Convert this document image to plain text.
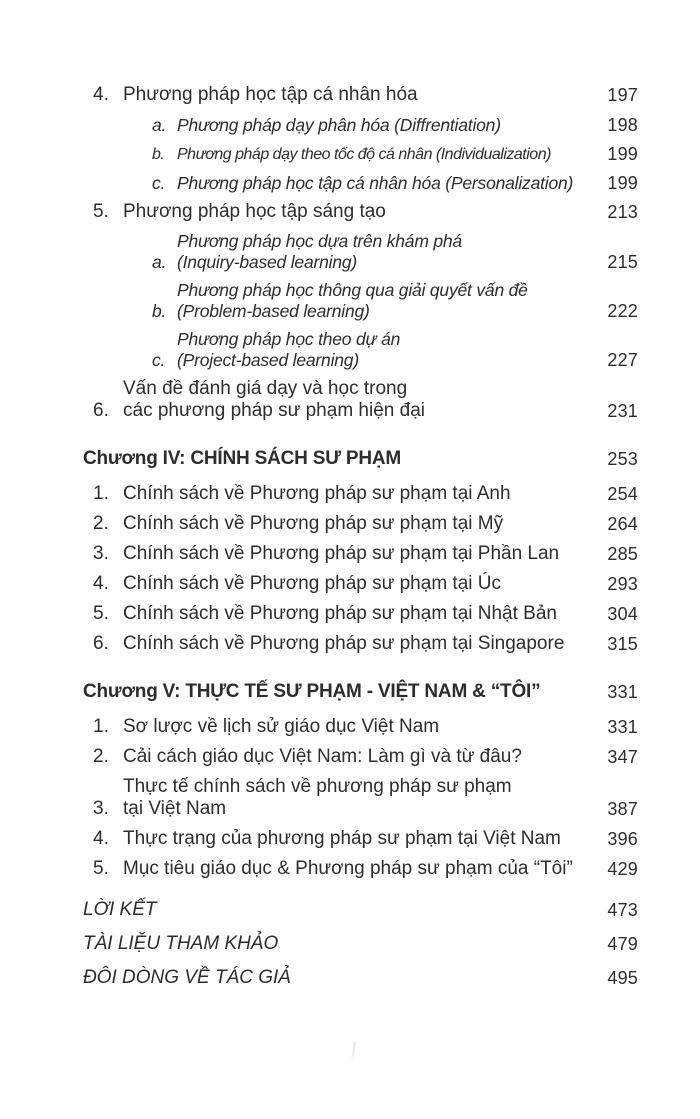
4. Phương pháp học tập cá nhân hóa	197
a. Phương pháp dạy phân hóa (Diffrentiation)	198
b. Phương pháp dạy theo tốc độ cá nhân (Individualization)	199
c. Phương pháp học tập cá nhân hóa (Personalization)	199
5. Phương pháp học tập sáng tạo	213
a.
Phương pháp học dựa trên khám phá
(Inquiry-based learning)	215
b.
Phương pháp học thông qua giải quyết vấn đề
(Problem-based learning)	222
c.
Phương pháp học theo dự án
(Project-based learning)	227
6.
Vấn đề đánh giá dạy và học trong
các phương pháp sư phạm hiện đại	231
Chương IV: CHÍNH SÁCH SƯ PHẠM	253
1. Chính sách về Phương pháp sư phạm tại Anh	254
2. Chính sách về Phương pháp sư phạm tại Mỹ	264
3. Chính sách về Phương pháp sư phạm tại Phần Lan	285
4. Chính sách về Phương pháp sư phạm tại Úc	293
5. Chính sách về Phương pháp sư phạm tại Nhật Bản	304
6. Chính sách về Phương pháp sư phạm tại Singapore	315
Chương V: THỰC TẾ SƯ PHẠM - VIỆT NAM & “TÔI”	331
1. Sơ lược về lịch sử giáo dục Việt Nam	331
2. Cải cách giáo dục Việt Nam: Làm gì và từ đâu?	347
3.
Thực tế chính sách về phương pháp sư phạm
tại Việt Nam	387
4. Thực trạng của phương pháp sư phạm tại Việt Nam	396
5. Mục tiêu giáo dục & Phương pháp sư phạm của “Tôi”	429
LỜI KẾT	473
TÀI LIỆU THAM KHẢO	479
ĐÔI DÒNG VỀ TÁC GIẢ	495
